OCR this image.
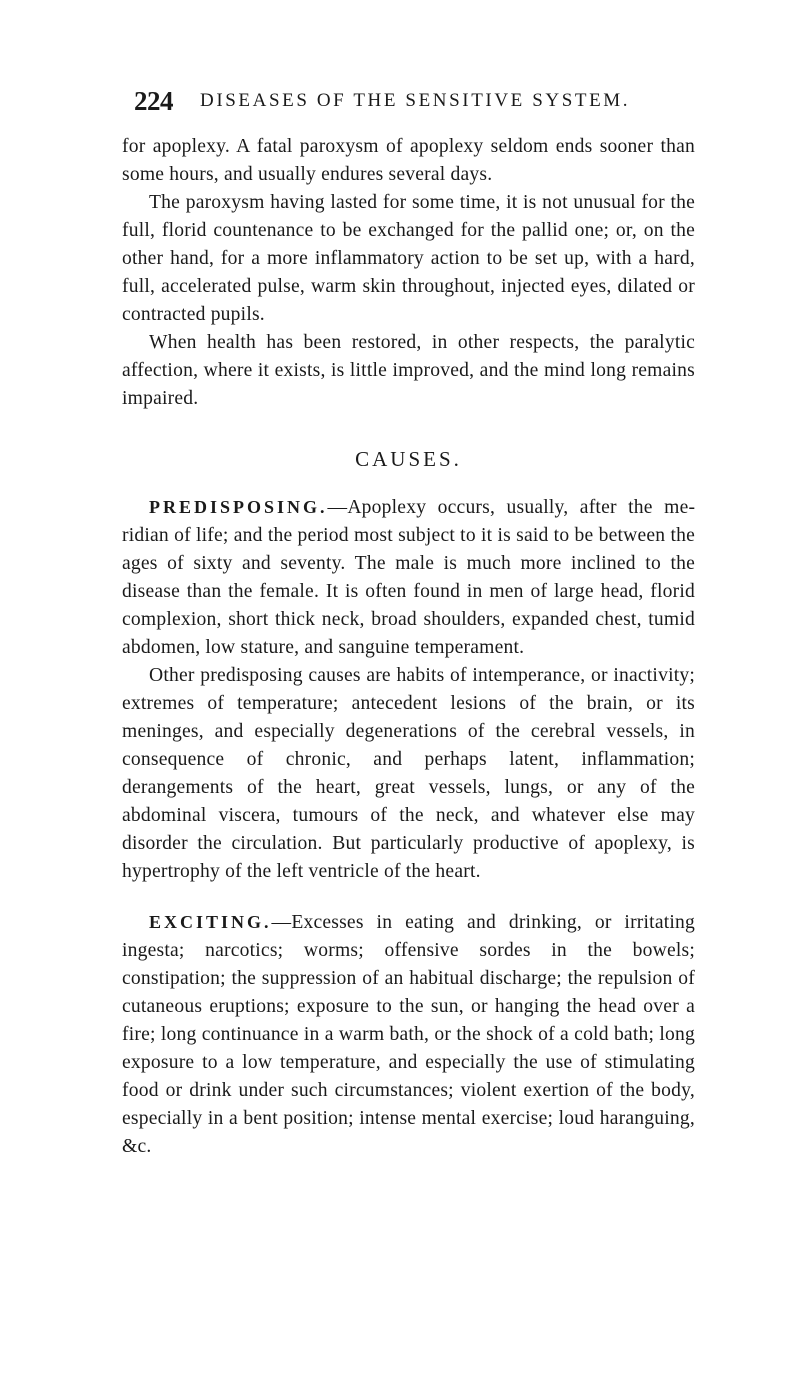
224 DISEASES OF THE SENSITIVE SYSTEM.

for apoplexy. A fatal paroxysm of apoplexy seldom ends sooner than some hours, and usually endures several days.

The paroxysm having lasted for some time, it is not unusual for the full, florid countenance to be exchanged for the pallid one; or, on the other hand, for a more inflammatory action to be set up, with a hard, full, accelerated pulse, warm skin throughout, injected eyes, dilated or contracted pupils.

When health has been restored, in other respects, the paralytic affection, where it exists, is little improved, and the mind long remains impaired.

CAUSES.

PREDISPOSING.—Apoplexy occurs, usually, after the meridian of life; and the period most subject to it is said to be between the ages of sixty and seventy. The male is much more inclined to the disease than the female. It is often found in men of large head, florid complexion, short thick neck, broad shoulders, expanded chest, tumid abdomen, low stature, and sanguine temperament.

Other predisposing causes are habits of intemperance, or inactivity; extremes of temperature; antecedent lesions of the brain, or its meninges, and especially degenerations of the cerebral vessels, in consequence of chronic, and perhaps latent, inflammation; derangements of the heart, great vessels, lungs, or any of the abdominal viscera, tumours of the neck, and whatever else may disorder the circulation. But particularly productive of apoplexy, is hypertrophy of the left ventricle of the heart.

EXCITING.—Excesses in eating and drinking, or irritating ingesta; narcotics; worms; offensive sordes in the bowels; constipation; the suppression of an habitual discharge; the repulsion of cutaneous eruptions; exposure to the sun, or hanging the head over a fire; long continuance in a warm bath, or the shock of a cold bath; long exposure to a low temperature, and especially the use of stimulating food or drink under such circumstances; violent exertion of the body, especially in a bent position; intense mental exercise; loud haranguing, &c.
